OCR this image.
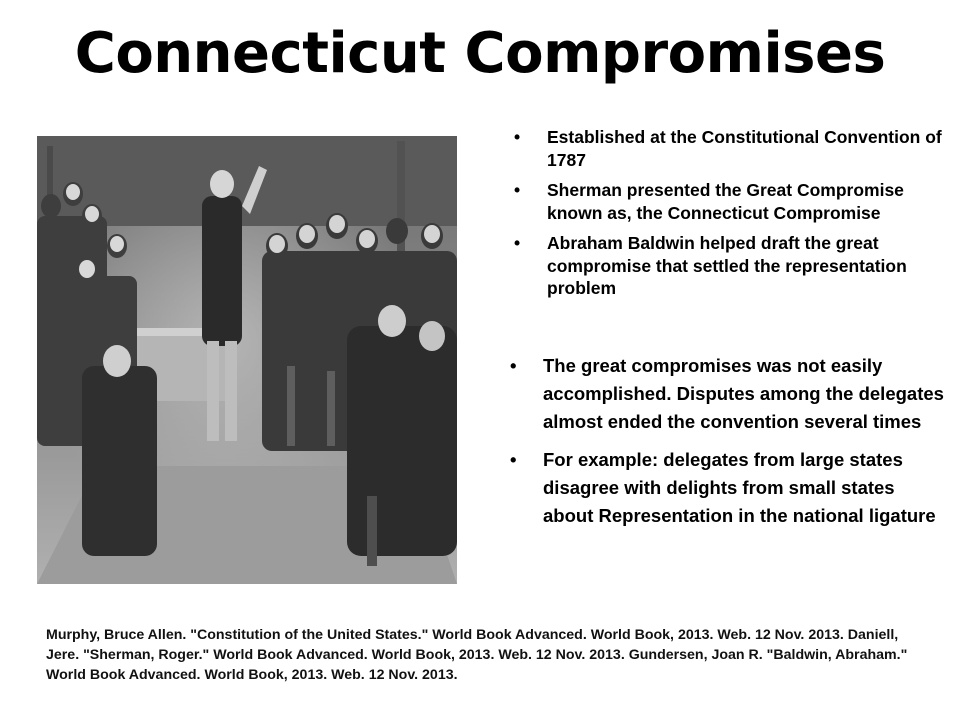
Connecticut Compromises
• Established at the Constitutional Convention of 1787
• Sherman presented the Great Compromise known as, the Connecticut Compromise
• Abraham Baldwin helped draft the great compromise that settled the representation problem
• The great compromises was not easily accomplished. Disputes among the delegates almost ended the convention several times
• For example: delegates from large states disagree with delights from small states about Representation in the national ligature
Murphy, Bruce Allen. "Constitution of the United States." World Book Advanced. World Book, 2013. Web. 12 Nov. 2013. Daniell, Jere. "Sherman, Roger." World Book Advanced. World Book, 2013. Web. 12 Nov. 2013. Gundersen, Joan R. "Baldwin, Abraham." World Book Advanced. World Book, 2013. Web. 12 Nov. 2013.
